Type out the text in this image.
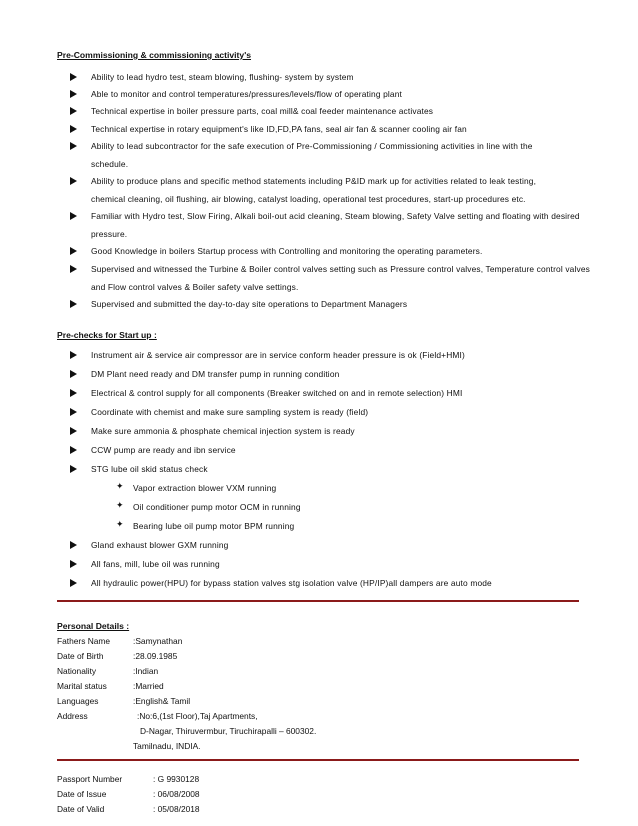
Pre-Commissioning & commissioning activity's
Ability to lead hydro test, steam blowing, flushing- system by system
Able to monitor and control temperatures/pressures/levels/flow of operating plant
Technical expertise in boiler pressure parts, coal mill& coal feeder maintenance activates
Technical expertise in rotary equipment's like ID,FD,PA fans, seal air fan & scanner cooling air fan
Ability to lead subcontractor for the safe execution of Pre-Commissioning / Commissioning activities in line with the
schedule.
Ability to produce plans and specific method statements including P&ID mark up for activities related to leak testing,
chemical cleaning, oil flushing, air blowing, catalyst loading, operational test procedures, start-up procedures etc.
Familiar with Hydro test, Slow Firing, Alkali boil-out acid cleaning, Steam blowing, Safety Valve setting and floating with desired
pressure.
Good Knowledge in boilers Startup process with Controlling and monitoring the operating parameters.
Supervised and witnessed the Turbine & Boiler control valves setting such as Pressure control valves, Temperature control valves
and Flow control valves & Boiler safety valve settings.
Supervised and submitted the day-to-day site operations to Department Managers
Pre-checks for Start up :
Instrument air & service air compressor are in service conform header pressure is ok (Field+HMI)
DM Plant need ready and DM transfer pump in running condition
Electrical & control supply for all components (Breaker switched on and in remote selection) HMI
Coordinate with chemist and make sure sampling system is ready (field)
Make sure ammonia & phosphate chemical injection system is ready
CCW pump are ready and ibn service
STG lube oil skid status check
✦ Vapor extraction blower VXM running
✦ Oil conditioner pump motor OCM in running
✦ Bearing lube oil pump motor BPM running
Gland exhaust blower GXM running
All fans, mill, lube oil was running
All hydraulic power(HPU) for bypass station valves stg isolation valve (HP/IP)all dampers are auto mode
Personal Details :
Fathers Name	:Samynathan
Date of Birth	:28.09.1985
Nationality	:Indian
Marital status	:Married
Languages	:English& Tamil
Address	:No:6,(1st Floor),Taj Apartments,
D-Nagar, Thiruvermbur, Tiruchirapalli – 600302.
Tamilnadu, INDIA.
Passport Number	: G 9930128
Date of Issue	: 06/08/2008
Date of Valid	: 05/08/2018
